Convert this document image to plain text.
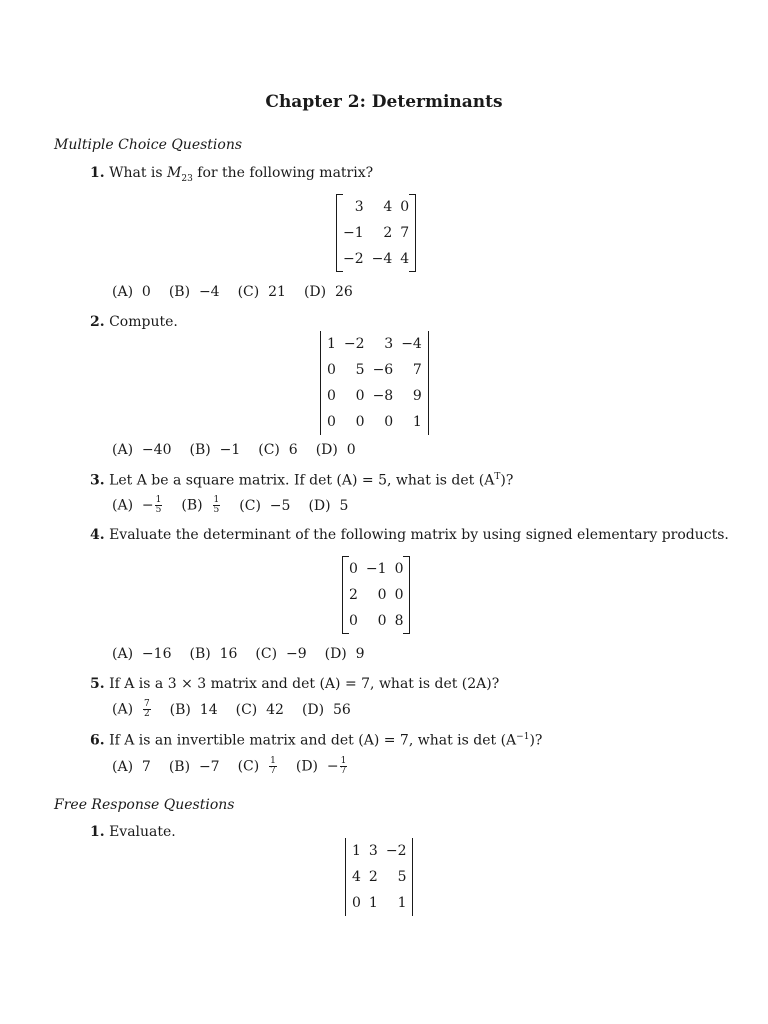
Chapter 2: Determinants
Multiple Choice Questions
1. What is $M_{23}$ for the following matrix?
3	4	0
−1	2	7
−2	−4	4
(A)  0 (B)  −4 (C)  21 (D)  26
2. Compute.
1	−2	3	−4
0	5	−6	7
0	0	−8	9
0	0	0	1
(A)  −40 (B)  −1 (C)  6 (D)  0
3. Let A be a square matrix. If det (A) = 5, what is $\det (A^T)$?
$(A) - \frac{1}{5} (B) \frac{1}{5} (C) -5$ (D)  5
4. Evaluate the determinant of the following matrix by using signed elementary products.
0	−1	0
2	0	0
0	0	8
(A)  −16 (B)  16 (C)  −9 (D)  9
5. If A is a 3 × 3 matrix and det (A) = 7, what is det (2A)?
$(A) \frac{7}{2} (B)$  14 (C)  42 (D)  56
6. If A is an invertible matrix and det (A) = 7, what is $\det (A^{-1})$?
(A)  7 (B)  −7 $(C) \frac{1}{7} (D) - \frac{1}{7}$
Free Response Questions
1. Evaluate.
1	3	−2
4	2	5
0	1	1
